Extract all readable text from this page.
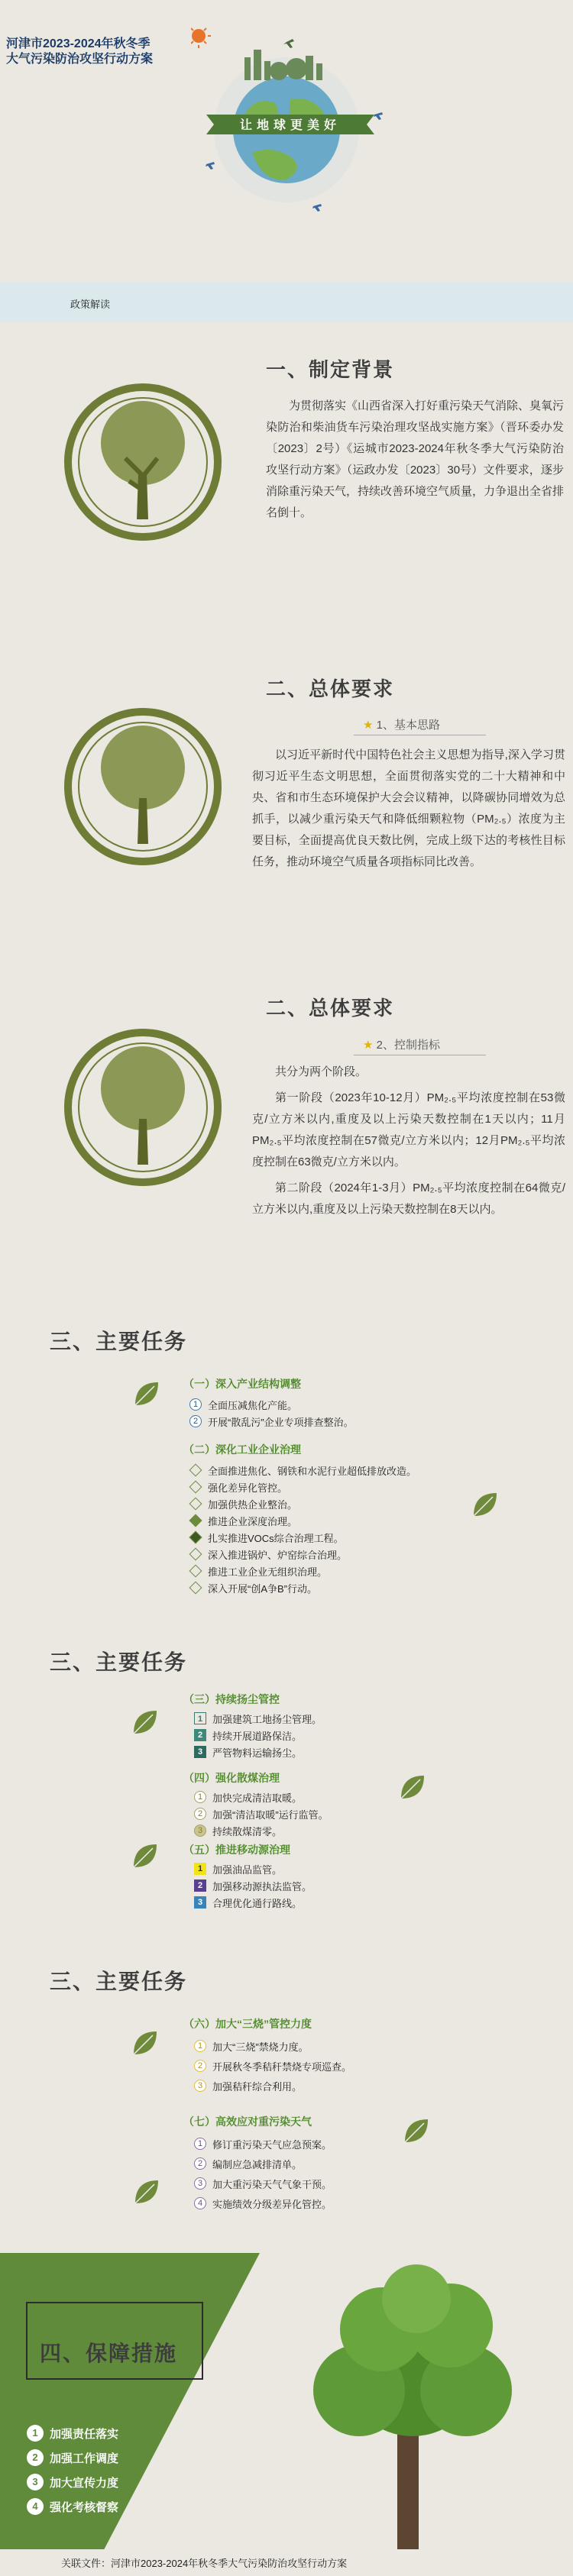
河津市2023-2024年秋冬季
大气污染防治攻坚行动方案
让地球更美好
政策解读
一、制定背景
为贯彻落实《山西省深入打好重污染天气消除、臭氧污染防治和柴油货车污染治理攻坚战实施方案》（晋环委办发〔2023〕2号）《运城市2023-2024年秋冬季大气污染防治攻坚行动方案》（运政办发〔2023〕30号）文件要求，逐步消除重污染天气，持续改善环境空气质量，力争退出全省排名倒十。
二、总体要求
★ 1、基本思路
以习近平新时代中国特色社会主义思想为指导,深入学习贯彻习近平生态文明思想，全面贯彻落实党的二十大精神和中央、省和市生态环境保护大会会议精神，以降碳协同增效为总抓手，以减少重污染天气和降低细颗粒物（PM₂.₅）浓度为主要目标，全面提高优良天数比例，完成上级下达的考核性目标任务，推动环境空气质量各项指标同比改善。
二、总体要求
★ 2、控制指标

共分为两个阶段。

第一阶段（2023年10-12月）PM₂.₅平均浓度控制在53微克/立方米以内,重度及以上污染天数控制在1天以内；11月PM₂.₅平均浓度控制在57微克/立方米以内；12月PM₂.₅平均浓度控制在63微克/立方米以内。

第二阶段（2024年1-3月）PM₂.₅平均浓度控制在64微克/立方米以内,重度及以上污染天数控制在8天以内。

三、主要任务
（一）深入产业结构调整
1 全面压减焦化产能。
2 开展“散乱污”企业专项排查整治。
（二）深化工业企业治理
全面推进焦化、钢铁和水泥行业超低排放改造。
强化差异化管控。
加强供热企业整治。
推进企业深度治理。
扎实推进VOCs综合治理工程。
深入推进锅炉、炉窑综合治理。
推进工业企业无组织治理。
深入开展“创A争B”行动。
三、主要任务
（三）持续扬尘管控
1 加强建筑工地扬尘管理。
2 持续开展道路保洁。
3 严管物料运输扬尘。
（四）强化散煤治理
1 加快完成清洁取暖。
2 加强“清洁取暖”运行监管。
3 持续散煤清零。
（五）推进移动源治理
1 加强油品监管。
2 加强移动源执法监管。
3 合理优化通行路线。
三、主要任务
（六）加大“三烧”管控力度
1 加大“三烧”禁烧力度。
2 开展秋冬季秸秆禁烧专项巡查。
3 加强秸秆综合利用。
（七）高效应对重污染天气
1 修订重污染天气应急预案。
2 编制应急减排清单。
3 加大重污染天气气象干预。
4 实施绩效分级差异化管控。
四、保障措施
1	加强责任落实
2	加强工作调度
3	加大宣传力度
4	强化考核督察
关联文件：河津市2023-2024年秋冬季大气污染防治攻坚行动方案
